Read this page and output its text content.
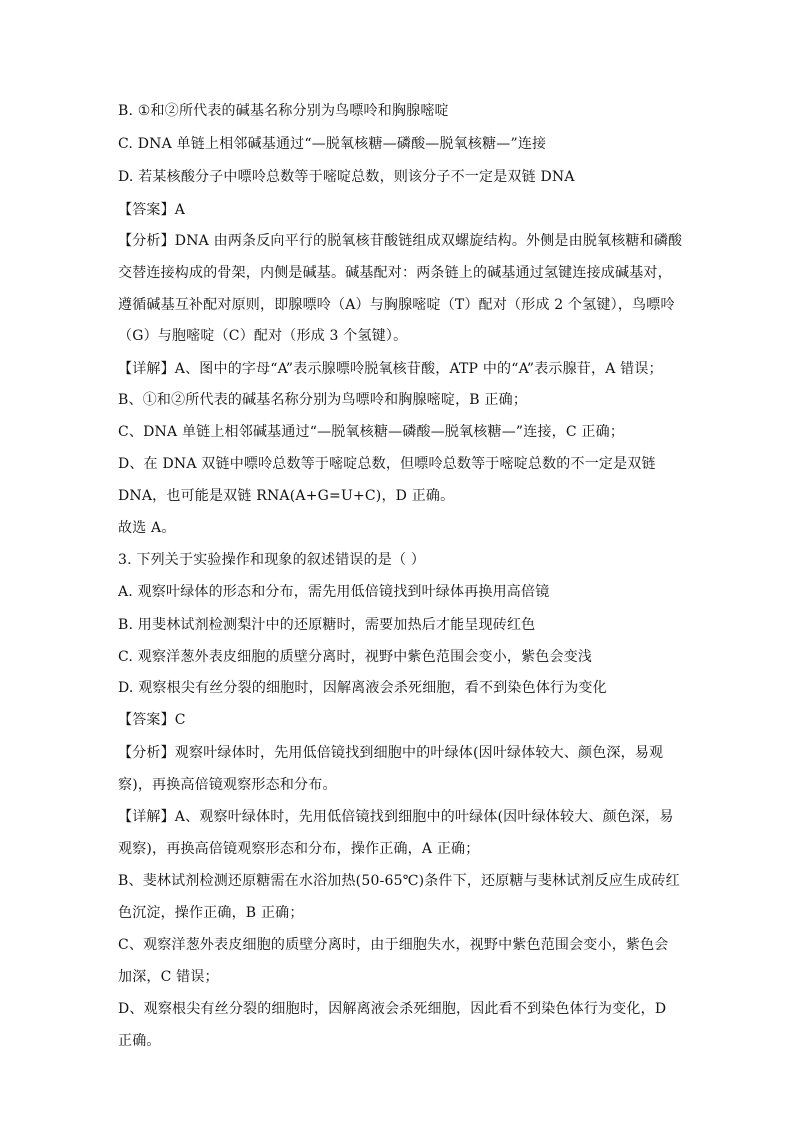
B. ①和②所代表的碱基名称分别为鸟嘌呤和胸腺嘧啶
C. DNA 单链上相邻碱基通过“—脱氧核糖—磷酸—脱氧核糖—”连接
D. 若某核酸分子中嘌呤总数等于嘧啶总数，则该分子不一定是双链 DNA
【答案】A
【分析】DNA 由两条反向平行的脱氧核苷酸链组成双螺旋结构。外侧是由脱氧核糖和磷酸
交替连接构成的骨架，内侧是碱基。碱基配对：两条链上的碱基通过氢键连接成碱基对，
遵循碱基互补配对原则，即腺嘌呤（A）与胸腺嘧啶（T）配对（形成 2 个氢键），鸟嘌呤
（G）与胞嘧啶（C）配对（形成 3 个氢键）。
【详解】A、图中的字母“A”表示腺嘌呤脱氧核苷酸，ATP 中的“A”表示腺苷，A 错误；
B、①和②所代表的碱基名称分别为鸟嘌呤和胸腺嘧啶，B 正确；
C、DNA 单链上相邻碱基通过“—脱氧核糖—磷酸—脱氧核糖—”连接，C 正确；
D、在 DNA 双链中嘌呤总数等于嘧啶总数，但嘌呤总数等于嘧啶总数的不一定是双链
DNA，也可能是双链 RNA(A+G=U+C)，D 正确。
故选 A。
3. 下列关于实验操作和现象的叙述错误的是（ ）
A. 观察叶绿体的形态和分布，需先用低倍镜找到叶绿体再换用高倍镜
B. 用斐林试剂检测梨汁中的还原糖时，需要加热后才能呈现砖红色
C. 观察洋葱外表皮细胞的质壁分离时，视野中紫色范围会变小，紫色会变浅
D. 观察根尖有丝分裂的细胞时，因解离液会杀死细胞，看不到染色体行为变化
【答案】C
【分析】观察叶绿体时，先用低倍镜找到细胞中的叶绿体(因叶绿体较大、颜色深，易观
察)，再换高倍镜观察形态和分布。
【详解】A、观察叶绿体时，先用低倍镜找到细胞中的叶绿体(因叶绿体较大、颜色深，易
观察)，再换高倍镜观察形态和分布，操作正确，A 正确；
B、斐林试剂检测还原糖需在水浴加热(50-65℃)条件下，还原糖与斐林试剂反应生成砖红
色沉淀，操作正确，B 正确；
C、观察洋葱外表皮细胞的质壁分离时，由于细胞失水，视野中紫色范围会变小，紫色会
加深，C 错误；
D、观察根尖有丝分裂的细胞时，因解离液会杀死细胞，因此看不到染色体行为变化，D
正确。
